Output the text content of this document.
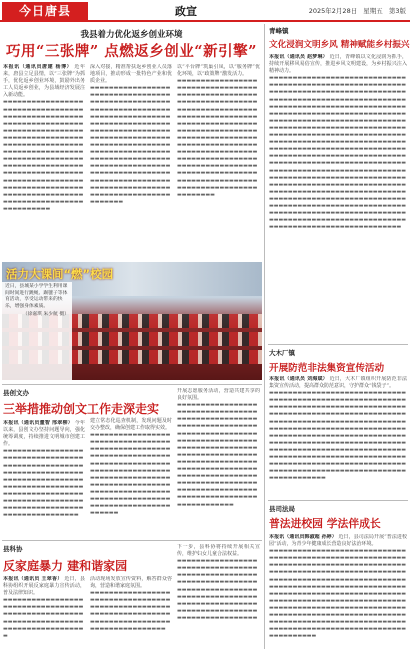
今日唐县	政宣	2025年2月28日 星期五 第3版
我县着力优化返乡创业环境
巧用“三张牌” 点燃返乡创业“新引擎”
本报讯（通讯员唐建 杨博） 近年来，唐县立足县情，以“三张牌”为抓手，优化返乡创业环境，鼓励外出务工人员返乡创业，为县域经济发展注入新动能。
▬▬▬▬▬▬▬▬▬▬▬▬▬▬▬▬▬▬▬▬▬▬▬▬▬▬▬▬▬▬▬▬▬▬▬▬▬▬▬▬▬▬▬▬▬▬▬▬▬▬▬▬▬▬▬▬▬▬▬▬▬▬▬▬▬▬▬▬▬▬▬▬▬▬▬▬▬▬▬▬▬▬▬▬▬▬▬▬▬▬▬▬▬▬▬▬▬▬▬▬▬▬▬▬▬▬▬▬▬▬▬▬▬▬▬▬▬▬▬▬▬▬▬▬▬▬▬▬▬▬▬▬▬▬▬▬▬▬▬▬▬▬▬▬▬▬▬▬▬▬▬▬▬▬▬▬▬▬▬▬▬▬▬▬▬▬▬▬▬▬▬▬▬▬▬▬▬▬▬▬▬▬▬▬▬▬▬▬▬▬▬▬▬▬▬▬▬▬▬▬▬▬▬▬▬▬▬▬▬▬▬▬▬▬▬▬▬▬▬▬▬▬▬▬▬▬▬▬▬▬▬▬▬▬▬▬▬▬▬▬▬▬▬▬▬▬▬▬▬▬▬▬▬▬▬▬▬▬▬▬▬▬▬▬▬
深入对接，精准帮扶返乡创业人员落地项目，推动形成一批特色产业和优质企业。
▬▬▬▬▬▬▬▬▬▬▬▬▬▬▬▬▬▬▬▬▬▬▬▬▬▬▬▬▬▬▬▬▬▬▬▬▬▬▬▬▬▬▬▬▬▬▬▬▬▬▬▬▬▬▬▬▬▬▬▬▬▬▬▬▬▬▬▬▬▬▬▬▬▬▬▬▬▬▬▬▬▬▬▬▬▬▬▬▬▬▬▬▬▬▬▬▬▬▬▬▬▬▬▬▬▬▬▬▬▬▬▬▬▬▬▬▬▬▬▬▬▬▬▬▬▬▬▬▬▬▬▬▬▬▬▬▬▬▬▬▬▬▬▬▬▬▬▬▬▬▬▬▬▬▬▬▬▬▬▬▬▬▬▬▬▬▬▬▬▬▬▬▬▬▬▬▬▬▬▬▬▬▬▬▬▬▬▬▬▬▬▬▬▬▬▬▬▬▬▬▬▬▬▬▬▬▬▬▬▬▬▬▬▬▬▬▬▬▬▬▬▬▬▬▬▬▬▬▬▬▬▬▬▬▬▬▬▬▬▬▬▬▬▬▬▬▬▬▬▬▬▬▬▬▬▬▬▬▬▬▬▬▬▬▬▬▬▬▬▬▬▬▬▬▬▬▬▬▬
以“平台牌”筑巢引凤，以“服务牌”优化环境，以“政策牌”激发活力。
▬▬▬▬▬▬▬▬▬▬▬▬▬▬▬▬▬▬▬▬▬▬▬▬▬▬▬▬▬▬▬▬▬▬▬▬▬▬▬▬▬▬▬▬▬▬▬▬▬▬▬▬▬▬▬▬▬▬▬▬▬▬▬▬▬▬▬▬▬▬▬▬▬▬▬▬▬▬▬▬▬▬▬▬▬▬▬▬▬▬▬▬▬▬▬▬▬▬▬▬▬▬▬▬▬▬▬▬▬▬▬▬▬▬▬▬▬▬▬▬▬▬▬▬▬▬▬▬▬▬▬▬▬▬▬▬▬▬▬▬▬▬▬▬▬▬▬▬▬▬▬▬▬▬▬▬▬▬▬▬▬▬▬▬▬▬▬▬▬▬▬▬▬▬▬▬▬▬▬▬▬▬▬▬▬▬▬▬▬▬▬▬▬▬▬▬▬▬▬▬▬▬▬▬▬▬▬▬▬▬▬▬▬▬▬▬▬▬▬▬▬▬▬▬▬▬▬▬▬▬▬▬▬▬▬▬▬▬▬▬▬▬▬▬▬▬▬▬▬▬▬▬▬▬▬▬▬▬▬▬▬▬▬▬▬▬▬▬▬▬▬▬▬▬▬▬▬▬▬▬
活力大课间“燃”校园
近日，县城某小学学生利用课间时间进行跳绳、踢毽子等体育活动，享受运动带来的快乐，增强身体素质。
（徐嘉琪 朱少航 摄）
县创文办
三举措推动创文工作走深走实
本报讯（通讯员董智 邢翠柳） 今年以来，县创文办坚持问题导向，强化统筹调度，持续推进文明城市创建工作。
▬▬▬▬▬▬▬▬▬▬▬▬▬▬▬▬▬▬▬▬▬▬▬▬▬▬▬▬▬▬▬▬▬▬▬▬▬▬▬▬▬▬▬▬▬▬▬▬▬▬▬▬▬▬▬▬▬▬▬▬▬▬▬▬▬▬▬▬▬▬▬▬▬▬▬▬▬▬▬▬▬▬▬▬▬▬▬▬▬▬▬▬▬▬▬▬▬▬▬▬▬▬▬▬▬▬▬▬▬▬▬▬▬▬▬▬▬▬▬▬▬▬▬▬▬▬▬▬▬▬▬▬▬▬▬▬▬▬▬▬▬▬▬▬▬▬▬▬▬▬▬▬▬▬▬▬▬▬▬▬▬▬▬▬▬▬▬▬▬
建立常态化巡查机制，发现问题及时交办整改，确保创建工作取得实效。
▬▬▬▬▬▬▬▬▬▬▬▬▬▬▬▬▬▬▬▬▬▬▬▬▬▬▬▬▬▬▬▬▬▬▬▬▬▬▬▬▬▬▬▬▬▬▬▬▬▬▬▬▬▬▬▬▬▬▬▬▬▬▬▬▬▬▬▬▬▬▬▬▬▬▬▬▬▬▬▬▬▬▬▬▬▬▬▬▬▬▬▬▬▬▬▬▬▬▬▬▬▬▬▬▬▬▬▬▬▬▬▬▬▬▬▬▬▬▬▬▬▬▬▬▬▬▬▬▬▬▬▬▬▬▬▬▬▬▬▬▬▬▬▬▬▬▬▬▬▬▬▬▬▬▬▬▬▬▬▬▬▬▬▬▬▬▬▬▬▬▬▬▬▬▬▬▬▬▬▬▬▬▬▬▬▬▬▬▬▬▬▬▬
开展志愿服务活动，营造共建共享的良好氛围。
▬▬▬▬▬▬▬▬▬▬▬▬▬▬▬▬▬▬▬▬▬▬▬▬▬▬▬▬▬▬▬▬▬▬▬▬▬▬▬▬▬▬▬▬▬▬▬▬▬▬▬▬▬▬▬▬▬▬▬▬▬▬▬▬▬▬▬▬▬▬▬▬▬▬▬▬▬▬▬▬▬▬▬▬▬▬▬▬▬▬▬▬▬▬▬▬▬▬▬▬▬▬▬▬▬▬▬▬▬▬▬▬▬▬▬▬▬▬▬▬▬▬▬▬▬▬▬▬▬▬▬▬▬▬▬▬▬▬▬▬▬▬▬▬▬▬▬▬▬▬▬▬▬▬▬▬▬▬▬▬▬▬▬▬▬▬▬▬▬▬▬▬▬▬▬▬▬▬▬▬▬▬▬▬▬▬▬▬▬▬▬▬▬▬▬▬▬▬▬▬▬▬▬▬▬▬▬▬▬▬▬▬▬▬▬▬▬▬▬▬▬▬▬▬▬▬▬▬▬▬▬▬▬▬▬▬▬▬▬▬▬▬▬▬▬▬▬▬▬▬
县科协
反家庭暴力 建和谐家园
本报讯（通讯员 王翠香） 近日，县科协组织开展反家庭暴力宣传活动，普及法律知识。
▬▬▬▬▬▬▬▬▬▬▬▬▬▬▬▬▬▬▬▬▬▬▬▬▬▬▬▬▬▬▬▬▬▬▬▬▬▬▬▬▬▬▬▬▬▬▬▬▬▬▬▬▬▬▬▬▬▬▬▬▬▬▬▬▬▬▬▬▬▬▬▬▬▬▬▬▬▬▬▬▬▬▬▬▬▬
活动现场发放宣传资料，解答群众咨询，营造和谐家庭氛围。
▬▬▬▬▬▬▬▬▬▬▬▬▬▬▬▬▬▬▬▬▬▬▬▬▬▬▬▬▬▬▬▬▬▬▬▬▬▬▬▬▬▬▬▬▬▬▬▬▬▬▬▬▬▬▬▬▬▬▬▬▬▬▬▬▬▬▬▬▬▬▬▬▬▬▬▬▬▬▬▬▬▬▬▬▬▬▬▬▬▬▬▬▬▬▬▬▬▬▬▬▬
下一步，县科协将持续开展相关宣传，维护妇女儿童合法权益。
▬▬▬▬▬▬▬▬▬▬▬▬▬▬▬▬▬▬▬▬▬▬▬▬▬▬▬▬▬▬▬▬▬▬▬▬▬▬▬▬▬▬▬▬▬▬▬▬▬▬▬▬▬▬▬▬▬▬▬▬▬▬▬▬▬▬▬▬▬▬▬▬▬▬▬▬▬▬▬▬▬▬▬▬▬▬▬▬▬▬▬▬▬▬▬▬▬▬▬▬▬▬▬▬▬▬▬▬▬▬▬▬▬▬▬▬▬▬▬▬▬▬▬▬▬▬▬▬▬▬▬▬▬▬▬▬▬▬▬▬▬▬▬▬▬▬▬▬▬▬▬▬▬
青峰镇
文化浸润文明乡风 精神赋能乡村振兴
本报讯（通讯员 赵梦琳） 近日，青峰镇以文化浸润为抓手，持续开展移风易俗宣传，推进乡风文明建设，为乡村振兴注入精神动力。
▬▬▬▬▬▬▬▬▬▬▬▬▬▬▬▬▬▬▬▬▬▬▬▬▬▬▬▬▬▬▬▬▬▬▬▬▬▬▬▬▬▬▬▬▬▬▬▬▬▬▬▬▬▬▬▬▬▬▬▬▬▬▬▬▬▬▬▬▬▬▬▬▬▬▬▬▬▬▬▬▬▬▬▬▬▬▬▬▬▬▬▬▬▬▬▬▬▬▬▬▬▬▬▬▬▬▬▬▬▬▬▬▬▬▬▬▬▬▬▬▬▬▬▬▬▬▬▬▬▬▬▬▬▬▬▬▬▬▬▬▬▬▬▬▬▬▬▬▬▬▬▬▬▬▬▬▬▬▬▬▬▬▬▬▬▬▬▬▬▬▬▬▬▬▬▬▬▬▬▬▬▬▬▬▬▬▬▬▬▬▬▬▬▬▬▬▬▬▬▬▬▬▬▬▬▬▬▬▬▬▬▬▬▬▬▬▬▬▬▬▬▬▬▬▬▬▬▬▬▬▬▬▬▬▬▬▬▬▬▬▬▬▬▬▬▬▬▬▬▬▬▬▬▬▬▬▬▬▬▬▬▬▬▬▬▬▬▬▬▬▬▬▬▬▬▬▬▬▬▬▬▬▬▬▬▬▬▬▬▬▬▬▬▬▬▬▬▬▬▬▬▬▬▬▬▬▬▬▬▬▬▬▬▬▬▬▬▬▬▬▬▬▬▬▬▬▬▬▬▬▬▬▬▬▬▬▬▬▬▬▬▬▬▬▬▬▬▬▬▬▬▬▬▬▬▬▬▬▬▬▬▬▬▬▬▬▬▬▬▬▬▬▬▬▬▬▬▬▬▬▬▬▬▬▬▬▬▬▬▬▬▬▬▬▬▬▬▬▬▬▬▬▬▬▬▬▬▬▬▬▬▬▬▬▬▬▬▬▬▬▬▬▬▬▬▬▬▬▬▬▬▬▬▬▬▬▬▬▬▬▬▬▬▬▬▬▬▬▬▬▬▬▬▬▬▬▬▬▬▬▬▬▬▬▬▬▬▬▬▬▬▬▬▬▬▬▬▬▬▬▬▬▬▬▬▬▬▬▬▬▬▬▬▬▬▬▬▬▬▬▬▬▬▬▬▬▬▬▬▬▬▬▬▬▬▬▬▬▬▬▬▬▬▬▬▬▬▬▬▬▬▬▬▬▬▬▬▬▬▬▬▬▬▬▬▬▬▬▬▬▬▬▬▬▬▬▬▬▬▬▬▬▬▬▬▬▬▬▬▬▬▬▬▬▬▬▬▬▬▬▬▬▬▬▬▬▬▬▬▬▬▬▬▬▬▬▬▬▬▬▬▬▬▬▬▬▬▬▬▬▬▬▬▬▬▬▬▬▬▬▬▬▬▬▬▬▬▬▬▬▬▬▬▬▬▬▬
大木厂镇
开展防范非法集资宣传活动
本报讯（通讯员 刘海斌） 近日，大木厂镇组织开展防范非法集资宣传活动，提高群众防范意识，守护群众“钱袋子”。
▬▬▬▬▬▬▬▬▬▬▬▬▬▬▬▬▬▬▬▬▬▬▬▬▬▬▬▬▬▬▬▬▬▬▬▬▬▬▬▬▬▬▬▬▬▬▬▬▬▬▬▬▬▬▬▬▬▬▬▬▬▬▬▬▬▬▬▬▬▬▬▬▬▬▬▬▬▬▬▬▬▬▬▬▬▬▬▬▬▬▬▬▬▬▬▬▬▬▬▬▬▬▬▬▬▬▬▬▬▬▬▬▬▬▬▬▬▬▬▬▬▬▬▬▬▬▬▬▬▬▬▬▬▬▬▬▬▬▬▬▬▬▬▬▬▬▬▬▬▬▬▬▬▬▬▬▬▬▬▬▬▬▬▬▬▬▬▬▬▬▬▬▬▬▬▬▬▬▬▬▬▬▬▬▬▬▬▬▬▬▬▬▬▬▬▬▬▬▬▬▬▬▬▬▬▬▬▬▬▬▬▬▬▬▬▬▬▬▬▬▬▬▬▬▬▬▬▬▬▬▬▬▬▬▬▬▬▬▬▬▬▬▬▬▬▬▬▬▬▬▬▬▬▬▬▬▬▬▬▬▬▬▬▬▬▬▬▬▬▬▬▬▬▬▬▬▬▬▬▬▬▬▬▬▬▬▬▬▬▬▬▬▬▬▬▬▬▬▬▬▬▬▬▬▬▬▬▬▬▬▬▬▬▬▬▬▬▬▬▬▬▬▬▬▬▬▬▬▬▬▬▬▬▬▬▬▬▬▬▬▬▬▬▬▬▬▬▬▬▬▬▬▬▬▬▬▬▬▬▬
县司法局
普法进校园 学法伴成长
本报讯（通讯员韩淑超 孙婷） 近日，县司法局开展“普法进校园”活动，为青少年健康成长营造良好法治环境。
▬▬▬▬▬▬▬▬▬▬▬▬▬▬▬▬▬▬▬▬▬▬▬▬▬▬▬▬▬▬▬▬▬▬▬▬▬▬▬▬▬▬▬▬▬▬▬▬▬▬▬▬▬▬▬▬▬▬▬▬▬▬▬▬▬▬▬▬▬▬▬▬▬▬▬▬▬▬▬▬▬▬▬▬▬▬▬▬▬▬▬▬▬▬▬▬▬▬▬▬▬▬▬▬▬▬▬▬▬▬▬▬▬▬▬▬▬▬▬▬▬▬▬▬▬▬▬▬▬▬▬▬▬▬▬▬▬▬▬▬▬▬▬▬▬▬▬▬▬▬▬▬▬▬▬▬▬▬▬▬▬▬▬▬▬▬▬▬▬▬▬▬▬▬▬▬▬▬▬▬▬▬▬▬▬▬▬▬▬▬▬▬▬▬▬▬▬▬▬▬▬▬▬▬▬▬▬▬▬▬▬▬▬▬▬▬▬▬▬▬▬▬▬▬▬▬▬▬▬▬▬▬▬▬▬▬▬▬▬▬▬▬▬▬▬▬▬▬▬▬▬▬▬▬▬▬▬▬▬▬▬▬▬▬▬▬▬▬▬▬▬▬▬▬▬▬▬▬▬▬▬▬▬▬▬▬▬▬▬▬▬▬▬▬▬▬▬▬▬▬▬▬▬▬▬▬▬▬▬▬▬▬▬▬▬▬▬▬▬▬▬▬▬▬▬▬▬▬▬▬▬▬▬▬▬▬▬▬▬▬▬▬▬▬▬▬▬▬▬▬▬▬▬▬▬▬▬▬
